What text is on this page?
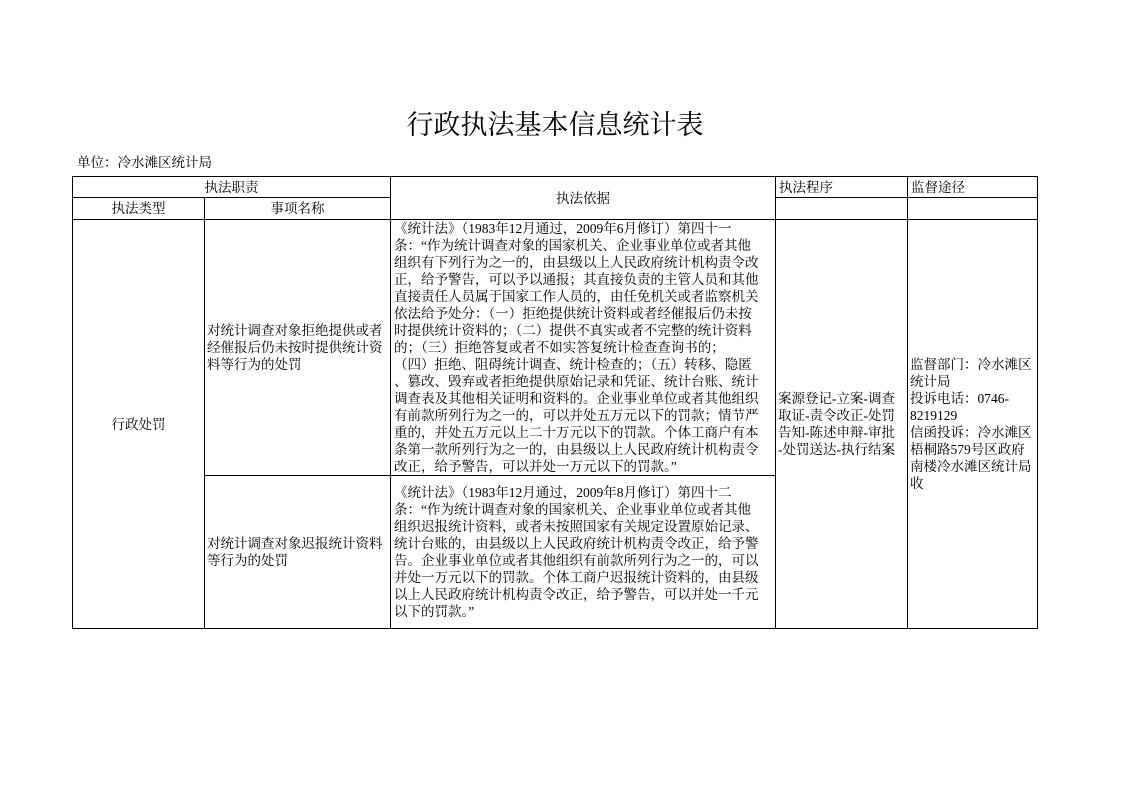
行政执法基本信息统计表
单位：冷水滩区统计局
执法职责
执法依据
执法程序	监督途径
执法类型	事项名称
行政处罚
对统计调查对象拒绝提供或者
经催报后仍未按时提供统计资
料等行为的处罚
《统计法》（1983年12月通过，2009年6月修订）第四十一
条：“作为统计调查对象的国家机关、企业事业单位或者其他
组织有下列行为之一的，由县级以上人民政府统计机构责令改
正，给予警告，可以予以通报；其直接负责的主管人员和其他
直接责任人员属于国家工作人员的，由任免机关或者监察机关
依法给予处分：（一）拒绝提供统计资料或者经催报后仍未按
时提供统计资料的；（二）提供不真实或者不完整的统计资料
的；（三）拒绝答复或者不如实答复统计检查查询书的；
（四）拒绝、阻碍统计调查、统计检查的；（五）转移、隐匿
、篡改、毁弃或者拒绝提供原始记录和凭证、统计台账、统计
调查表及其他相关证明和资料的。企业事业单位或者其他组织
有前款所列行为之一的，可以并处五万元以下的罚款；情节严
重的，并处五万元以上二十万元以下的罚款。个体工商户有本
条第一款所列行为之一的，由县级以上人民政府统计机构责令
改正，给予警告，可以并处一万元以下的罚款。”
对统计调查对象迟报统计资料
等行为的处罚
《统计法》（1983年12月通过，2009年8月修订）第四十二
条：“作为统计调查对象的国家机关、企业事业单位或者其他
组织迟报统计资料，或者未按照国家有关规定设置原始记录、
统计台账的，由县级以上人民政府统计机构责令改正，给予警
告。企业事业单位或者其他组织有前款所列行为之一的，可以
并处一万元以下的罚款。个体工商户迟报统计资料的，由县级
以上人民政府统计机构责令改正，给予警告，可以并处一千元
以下的罚款。”
案源登记-立案-调查
取证-责令改正-处罚
告知-陈述申辩-审批
-处罚送达-执行结案
监督部门：冷水滩区
统计局
投诉电话：0746-
8219129
信函投诉：冷水滩区
梧桐路579号区政府
南楼冷水滩区统计局
收
